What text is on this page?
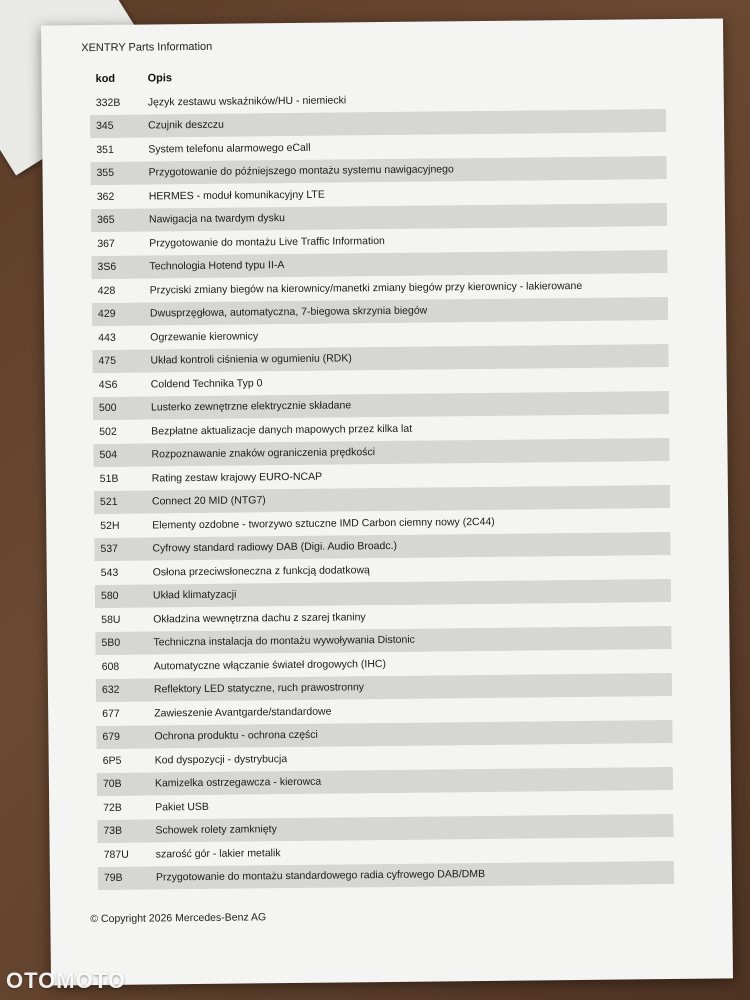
XENTRY Parts Information
kod	Opis
332B	Język zestawu wskaźników/HU - niemiecki
345	Czujnik deszczu
351	System telefonu alarmowego eCall
355	Przygotowanie do późniejszego montażu systemu nawigacyjnego
362	HERMES - moduł komunikacyjny LTE
365	Nawigacja na twardym dysku
367	Przygotowanie do montażu Live Traffic Information
3S6	Technologia Hotend typu II-A
428	Przyciski zmiany biegów na kierownicy/manetki zmiany biegów przy kierownicy - lakierowane
429	Dwusprzęgłowa, automatyczna, 7-biegowa skrzynia biegów
443	Ogrzewanie kierownicy
475	Układ kontroli ciśnienia w ogumieniu (RDK)
4S6	Coldend Technika Typ 0
500	Lusterko zewnętrzne elektrycznie składane
502	Bezpłatne aktualizacje danych mapowych przez kilka lat
504	Rozpoznawanie znaków ograniczenia prędkości
51B	Rating zestaw krajowy EURO-NCAP
521	Connect 20 MID (NTG7)
52H	Elementy ozdobne - tworzywo sztuczne IMD Carbon ciemny nowy (2C44)
537	Cyfrowy standard radiowy DAB (Digi. Audio Broadc.)
543	Osłona przeciwsłoneczna z funkcją dodatkową
580	Układ klimatyzacji
58U	Okładzina wewnętrzna dachu z szarej tkaniny
5B0	Techniczna instalacja do montażu wywoływania Distonic
608	Automatyczne włączanie świateł drogowych (IHC)
632	Reflektory LED statyczne, ruch prawostronny
677	Zawieszenie Avantgarde/standardowe
679	Ochrona produktu - ochrona części
6P5	Kod dyspozycji - dystrybucja
70B	Kamizelka ostrzegawcza - kierowca
72B	Pakiet USB
73B	Schowek rolety zamknięty
787U	szarość gór - lakier metalik
79B	Przygotowanie do montażu standardowego radia cyfrowego DAB/DMB
© Copyright 2026 Mercedes-Benz AG
OTOMOTO
